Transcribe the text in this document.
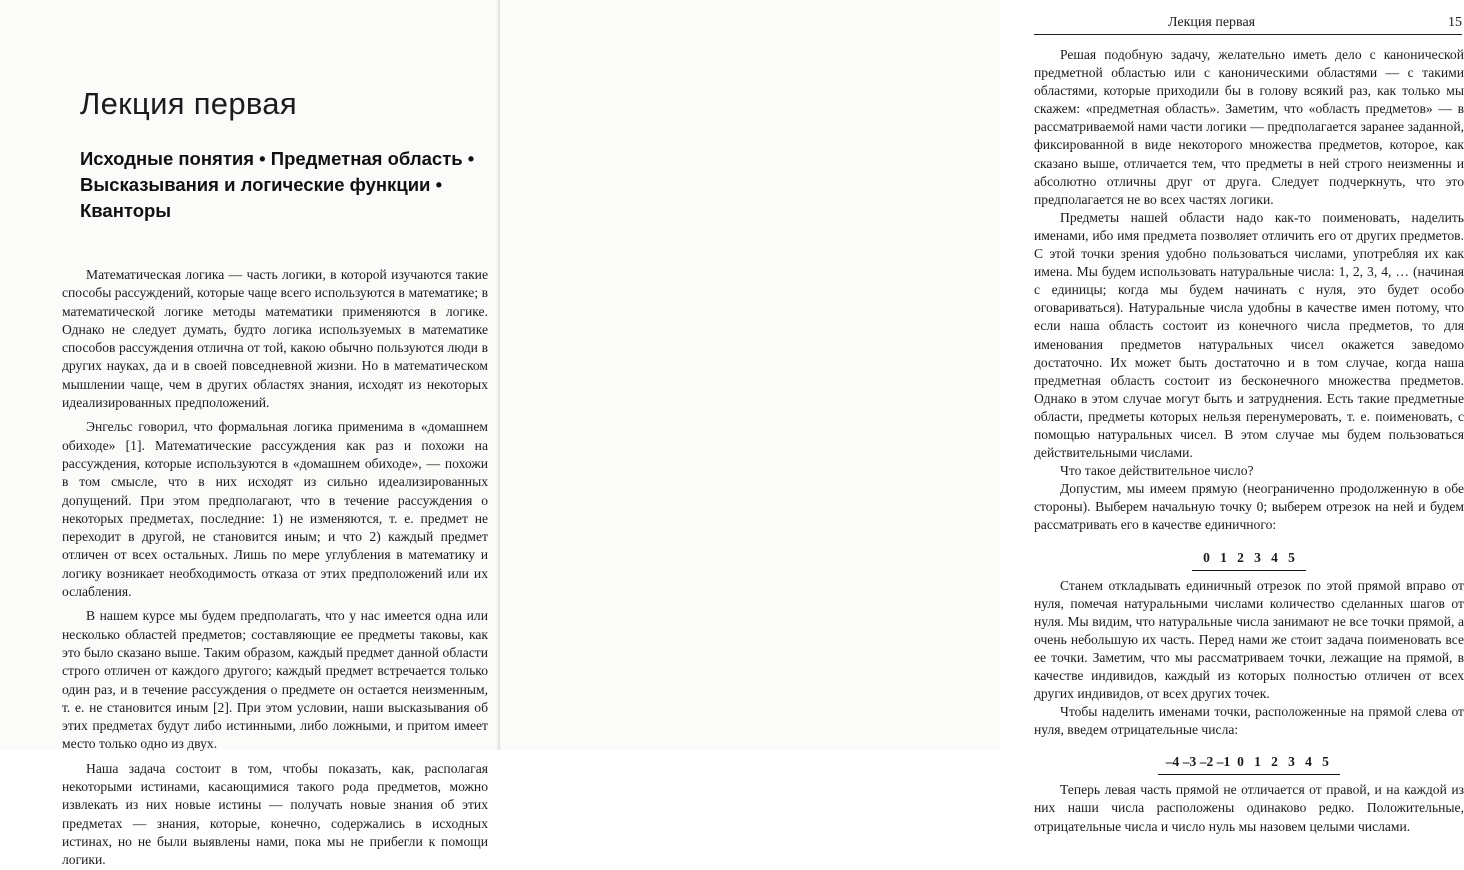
Лекция первая
Исходные понятия • Предметная область • Высказывания и логические функции • Кванторы

Математическая логика — часть логики, в которой изучаются такие способы рассуждений, которые чаще всего используются в математике; в математической логике методы математики применяются в логике. Однако не следует думать, будто логика используемых в математике способов рассуждения отлична от той, какою обычно пользуются люди в других науках, да и в своей повседневной жизни. Но в математическом мышлении чаще, чем в других областях знания, исходят из некоторых идеализированных предположений.

Энгельс говорил, что формальная логика применима в «домашнем обиходе» [1]. Математические рассуждения как раз и похожи на рассуждения, которые используются в «домашнем обиходе», — похожи в том смысле, что в них исходят из сильно идеализированных допущений. При этом предполагают, что в течение рассуждения о некоторых предметах, последние: 1) не изменяются, т. е. предмет не переходит в другой, не становится иным; и что 2) каждый предмет отличен от всех остальных. Лишь по мере углубления в математику и логику возникает необходимость отказа от этих предположений или их ослабления.

В нашем курсе мы будем предполагать, что у нас имеется одна или несколько областей предметов; составляющие ее предметы таковы, как это было сказано выше. Таким образом, каждый предмет данной области строго отличен от каждого другого; каждый предмет встречается только один раз, и в течение рассуждения о предмете он остается неизменным, т. е. не становится иным [2]. При этом условии, наши высказывания об этих предметах будут либо истинными, либо ложными, и притом имеет место только одно из двух.

Наша задача состоит в том, чтобы показать, как, располагая некоторыми истинами, касающимися такого рода предметов, можно извлекать из них новые истины — получать новые знания об этих предметах — знания, которые, конечно, содержались в исходных истинах, но не были выявлены нами, пока мы не прибегли к помощи логики.

Лекция первая	15

Решая подобную задачу, желательно иметь дело с канонической предметной областью или с каноническими областями — с такими областями, которые приходили бы в голову всякий раз, как только мы скажем: «предметная область». Заметим, что «область предметов» — в рассматриваемой нами части логики — предполагается заранее заданной, фиксированной в виде некоторого множества предметов, которое, как сказано выше, отличается тем, что предметы в ней строго неизменны и абсолютно отличны друг от друга. Следует подчеркнуть, что это предполагается не во всех частях логики.

Предметы нашей области надо как-то поименовать, наделить именами, ибо имя предмета позволяет отличить его от других предметов. С этой точки зрения удобно пользоваться числами, употребляя их как имена. Мы будем использовать натуральные числа: 1, 2, 3, 4, … (начиная с единицы; когда мы будем начинать с нуля, это будет особо оговариваться). Натуральные числа удобны в качестве имен потому, что если наша область состоит из конечного числа предметов, то для именования предметов натуральных чисел окажется заведомо достаточно. Их может быть достаточно и в том случае, когда наша предметная область состоит из бесконечного множества предметов. Однако в этом случае могут быть и затруднения. Есть такие предметные области, предметы которых нельзя перенумеровать, т. е. поименовать, с помощью натуральных чисел. В этом случае мы будем пользоваться действительными числами.

Что такое действительное число?

Допустим, мы имеем прямую (неограниченно продолженную в обе стороны). Выберем начальную точку 0; выберем отрезок на ней и будем рассматривать его в качестве единичного:

0 1 2 3 4 5

Станем откладывать единичный отрезок по этой прямой вправо от нуля, помечая натуральными числами количество сделанных шагов от нуля. Мы видим, что натуральные числа занимают не все точки прямой, а очень небольшую их часть. Перед нами же стоит задача поименовать все ее точки. Заметим, что мы рассматриваем точки, лежащие на прямой, в качестве индивидов, каждый из которых полностью отличен от всех других индивидов, от всех других точек.

Чтобы наделить именами точки, расположенные на прямой слева от нуля, введем отрицательные числа:

–4 –3 –2 –1 0 1 2 3 4 5

Теперь левая часть прямой не отличается от правой, и на каждой из них наши числа расположены одинаково редко. Положительные, отрицательные числа и число нуль мы назовем целыми числами.
